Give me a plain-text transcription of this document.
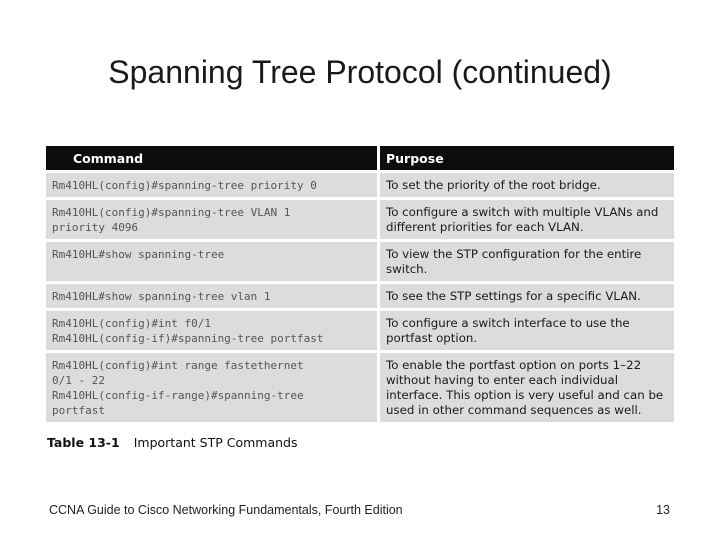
Spanning Tree Protocol (continued)
Command	Purpose
Rm410HL(config)#spanning-tree priority 0	To set the priority of the root bridge.
Rm410HL(config)#spanning-tree VLAN 1
priority 4096	To configure a switch with multiple VLANs and different priorities for each VLAN.
Rm410HL#show spanning-tree	To view the STP configuration for the entire switch.
Rm410HL#show spanning-tree vlan 1	To see the STP settings for a specific VLAN.
Rm410HL(config)#int f0/1
Rm410HL(config-if)#spanning-tree portfast	To configure a switch interface to use the portfast option.
Rm410HL(config)#int range fastethernet
0/1 - 22
Rm410HL(config-if-range)#spanning-tree
portfast	To enable the portfast option on ports 1–22 without having to enter each individual interface. This option is very useful and can be used in other command sequences as well.
Table 13-1 Important STP Commands
CCNA Guide to Cisco Networking Fundamentals, Fourth Edition	13
